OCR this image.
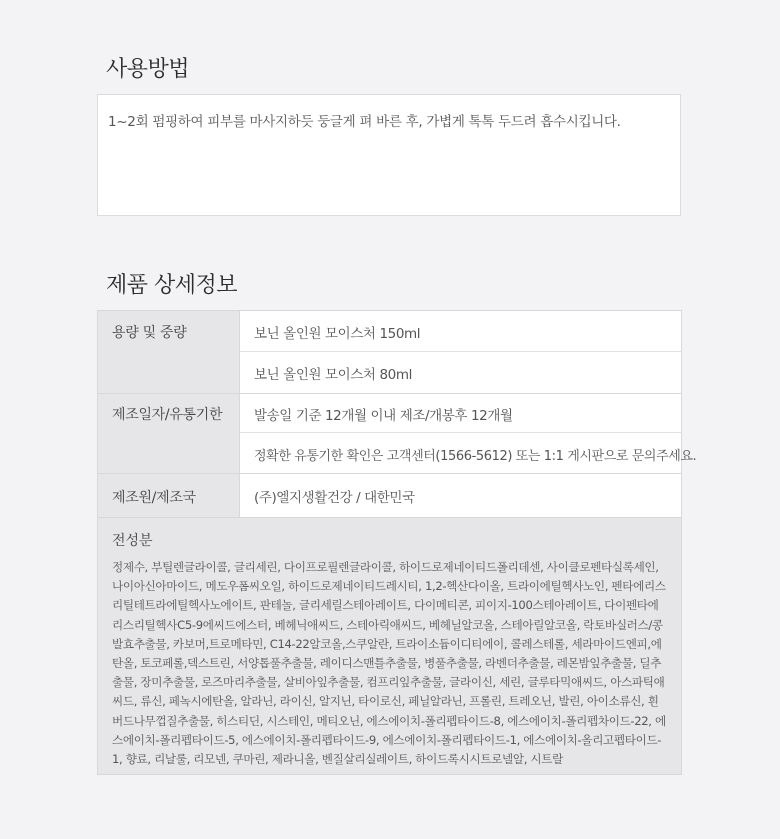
사용방법
1~2회 펌핑하여 피부를 마사지하듯 둥글게 펴 바른 후, 가볍게 톡톡 두드려 흡수시킵니다.
제품 상세정보
용량 및 중량	보닌 올인원 모이스처 150ml
보닌 올인원 모이스처 80ml
제조일자/유통기한 발송일 기준 12개월 이내 제조/개봉후 12개월
정확한 유통기한 확인은 고객센터(1566-5612) 또는 1:1 게시판으로 문의주세요.
제조원/제조국	(주)엘지생활건강 / 대한민국
전성분
정제수, 부틸렌글라이콜, 글리세린, 다이프로필렌글라이콜, 하이드로제네이티드폴리데센, 사이클로펜타실록세인,나이아신아마이드, 메도우폼씨오일, 하이드로제네이티드레시티, 1,2-헥산다이올, 트라이에틸헥사노인, 펜타에리스리틸테트라에틸헥사노에이트, 판테놀, 글리세릴스테아레이트, 다이메티콘, 피이지-100스테아레이트, 다이펜타에리스리틸헥사C5-9에씨드에스터, 베헤닉애씨드, 스테아릭애씨드, 베헤닐알코올, 스테아릴알코올, 락토바실러스/콩발효추출물, 카보머,트로메타민, C14-22알코올,스쿠알란, 트라이소듐이디티에이, 콜레스테롤, 세라마이드엔피,에탄올, 토코페롤,덱스트린, 서양톱풀추출물, 레이디스맨틀추출물, 병풀추출물, 라벤더추출물, 레몬밤잎추출물, 딜추출물, 장미추출물, 로즈마리추출물, 살비아잎추출물, 컴프리잎추출물, 글라이신, 세린, 글루타믹애씨드, 아스파틱애씨드, 류신, 페녹시에탄올, 알라닌, 라이신, 알지닌, 타이로신, 페닐알라닌, 프롤린, 트레오닌, 발린, 아이소류신, 흰버드나무껍질추출물, 히스티딘, 시스테인, 메티오닌, 에스에이치-폴리펩타이드-8, 에스에이치-폴리펩차이드-22, 에스에이치-폴리펩타이드-5, 에스에이치-폴리펩타이드-9, 에스에이치-폴리펩타이드-1, 에스에이치-올리고펩타이드-1, 향료, 리날룰, 리모넨, 쿠마린, 제라니올, 벤질살리실레이트, 하이드록시시트로넬알, 시트랄
